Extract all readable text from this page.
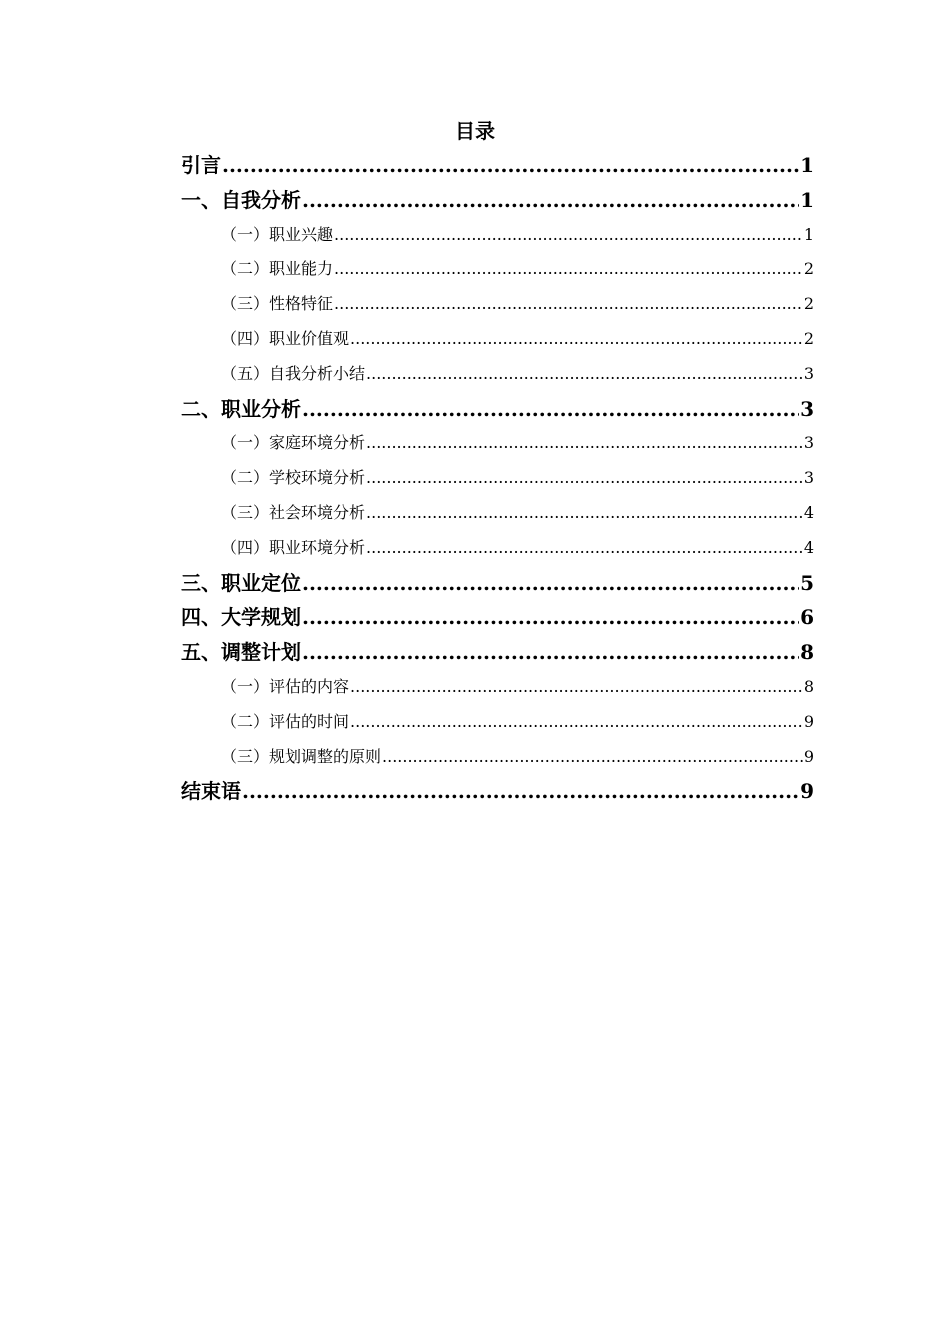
目录
引言 .....	1
一、自我分析 .....	1
（一）职业兴趣 .....	1
（二）职业能力 .....	2
（三）性格特征 .....	2
（四）职业价值观 .....	2
（五）自我分析小结 .....	3
二、职业分析 .....	3
（一）家庭环境分析 .....	3
（二）学校环境分析 .....	3
（三）社会环境分析 .....	4
（四）职业环境分析 .....	4
三、职业定位 .....	5
四、大学规划 .....	6
五、调整计划 .....	8
（一）评估的内容 .....	8
（二）评估的时间 .....	9
（三）规划调整的原则 .....	9
结束语 .....	9
